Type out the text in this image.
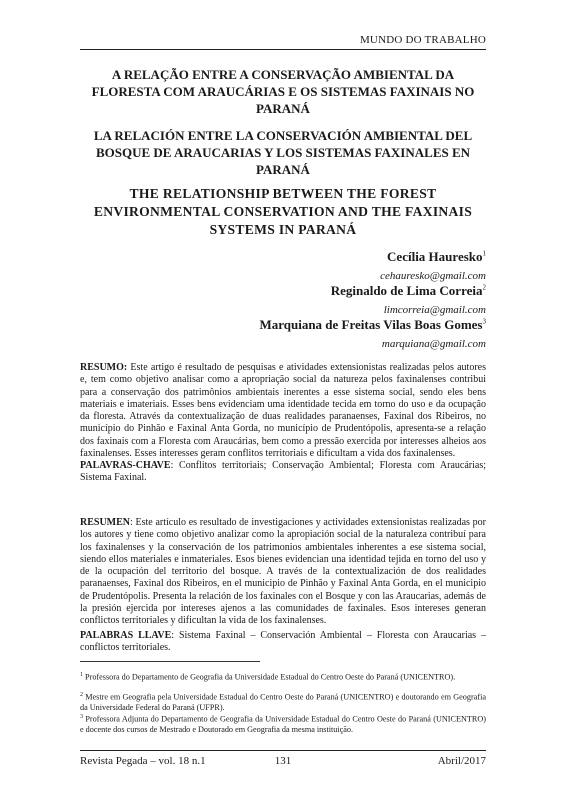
MUNDO DO TRABALHO
A RELAÇÃO ENTRE A CONSERVAÇÃO AMBIENTAL DA FLORESTA COM ARAUCÁRIAS E OS SISTEMAS FAXINAIS NO PARANÁ
LA RELACIÓN ENTRE LA CONSERVACIÓN AMBIENTAL DEL BOSQUE DE ARAUCARIAS Y LOS SISTEMAS FAXINALES EN PARANÁ
THE RELATIONSHIP BETWEEN THE FOREST ENVIRONMENTAL CONSERVATION AND THE FAXINAIS SYSTEMS IN PARANÁ
Cecília Hauresko$^1$
cehauresko@gmail.com
Reginaldo de Lima Correia$^2$
limcorreia@gmail.com
Marquiana de Freitas Vilas Boas Gomes$^3$
marquiana@gmail.com

RESUMO: Este artigo é resultado de pesquisas e atividades extensionistas realizadas pelos autores e, tem como objetivo analisar como a apropriação social da natureza pelos faxinalenses contribui para a conservação dos patrimônios ambientais inerentes a esse sistema social, sendo eles bens materiais e imateriais. Esses bens evidenciam uma identidade tecida em torno do uso e da ocupação da floresta. Através da contextualização de duas realidades paranaenses, Faxinal dos Ribeiros, no município do Pinhão e Faxinal Anta Gorda, no município de Prudentópolis, apresenta-se a relação dos faxinais com a Floresta com Araucárias, bem como a pressão exercida por interesses alheios aos faxinalenses. Esses interesses geram conflitos territoriais e dificultam a vida dos faxinalenses.

PALAVRAS-CHAVE: Conflitos territoriais; Conservação Ambiental; Floresta com Araucárias; Sistema Faxinal.

RESUMEN: Este artículo es resultado de investigaciones y actividades extensionistas realizadas por los autores y tiene como objetivo analizar como la apropiación social de la naturaleza contribuí para los faxinalenses y la conservación de los patrimonios ambientales inherentes a ese sistema social, siendo ellos materiales e inmateriales. Esos bienes evidencian una identidad tejida en torno del uso y de la ocupación del territorio del bosque. A través de la contextualización de dos realidades paranaenses, Faxinal dos Ribeiros, en el municipio de Pinhão y Faxinal Anta Gorda, en el municipio de Prudentópolis. Presenta la relación de los faxinales con el Bosque y con las Araucarias, además de la presión ejercida por intereses ajenos a las comunidades de faxinales. Esos intereses generan conflictos territoriales y dificultan la vida de los faxinalenses.

PALABRAS LLAVE: Sistema Faxinal – Conservación Ambiental – Floresta con Araucarias – conflictos territoriales.

$^1$ Professora do Departamento de Geografia da Universidade Estadual do Centro Oeste do Paraná (UNICENTRO).

$^2$ Mestre em Geografia pela Universidade Estadual do Centro Oeste do Paraná (UNICENTRO) e doutorando em Geografia da Universidade Federal do Paraná (UFPR).

$^3$ Professora Adjunta do Departamento de Geografia da Universidade Estadual do Centro Oeste do Paraná (UNICENTRO) e docente dos cursos de Mestrado e Doutorado em Geografia da mesma instituição.

Revista Pegada – vol. 18 n.1	131	Abril/2017
